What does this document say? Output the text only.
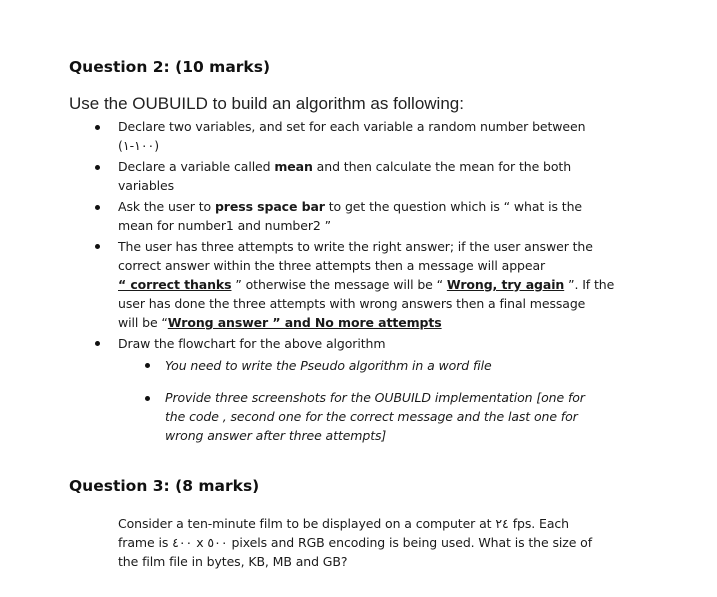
Question 2: (10 marks)
Use the OUBUILD to build an algorithm as following:
Declare two variables, and set for each variable a random number between
(١٠٠-١)
Declare a variable called mean and then calculate the mean for the both
variables
Ask the user to press space bar to get the question which is “ what is the
mean for number1 and number2 ”
The user has three attempts to write the right answer; if the user answer the
correct answer within the three attempts then a message will appear
“ correct thanks ” otherwise the message will be “ Wrong, try again ”. If the
user has done the three attempts with wrong answers then a final message
will be “Wrong answer ” and No more attempts
Draw the flowchart for the above algorithm
You need to write the Pseudo algorithm in a word file
Provide three screenshots for the OUBUILD implementation [one for
the code , second one for the correct message and the last one for
wrong answer after three attempts]
Question 3: (8 marks)
Consider a ten-minute film to be displayed on a computer at ٢٤ fps. Each
frame is ٤٠٠ x ٥٠٠ pixels and RGB encoding is being used. What is the size of
the film file in bytes, KB, MB and GB?
